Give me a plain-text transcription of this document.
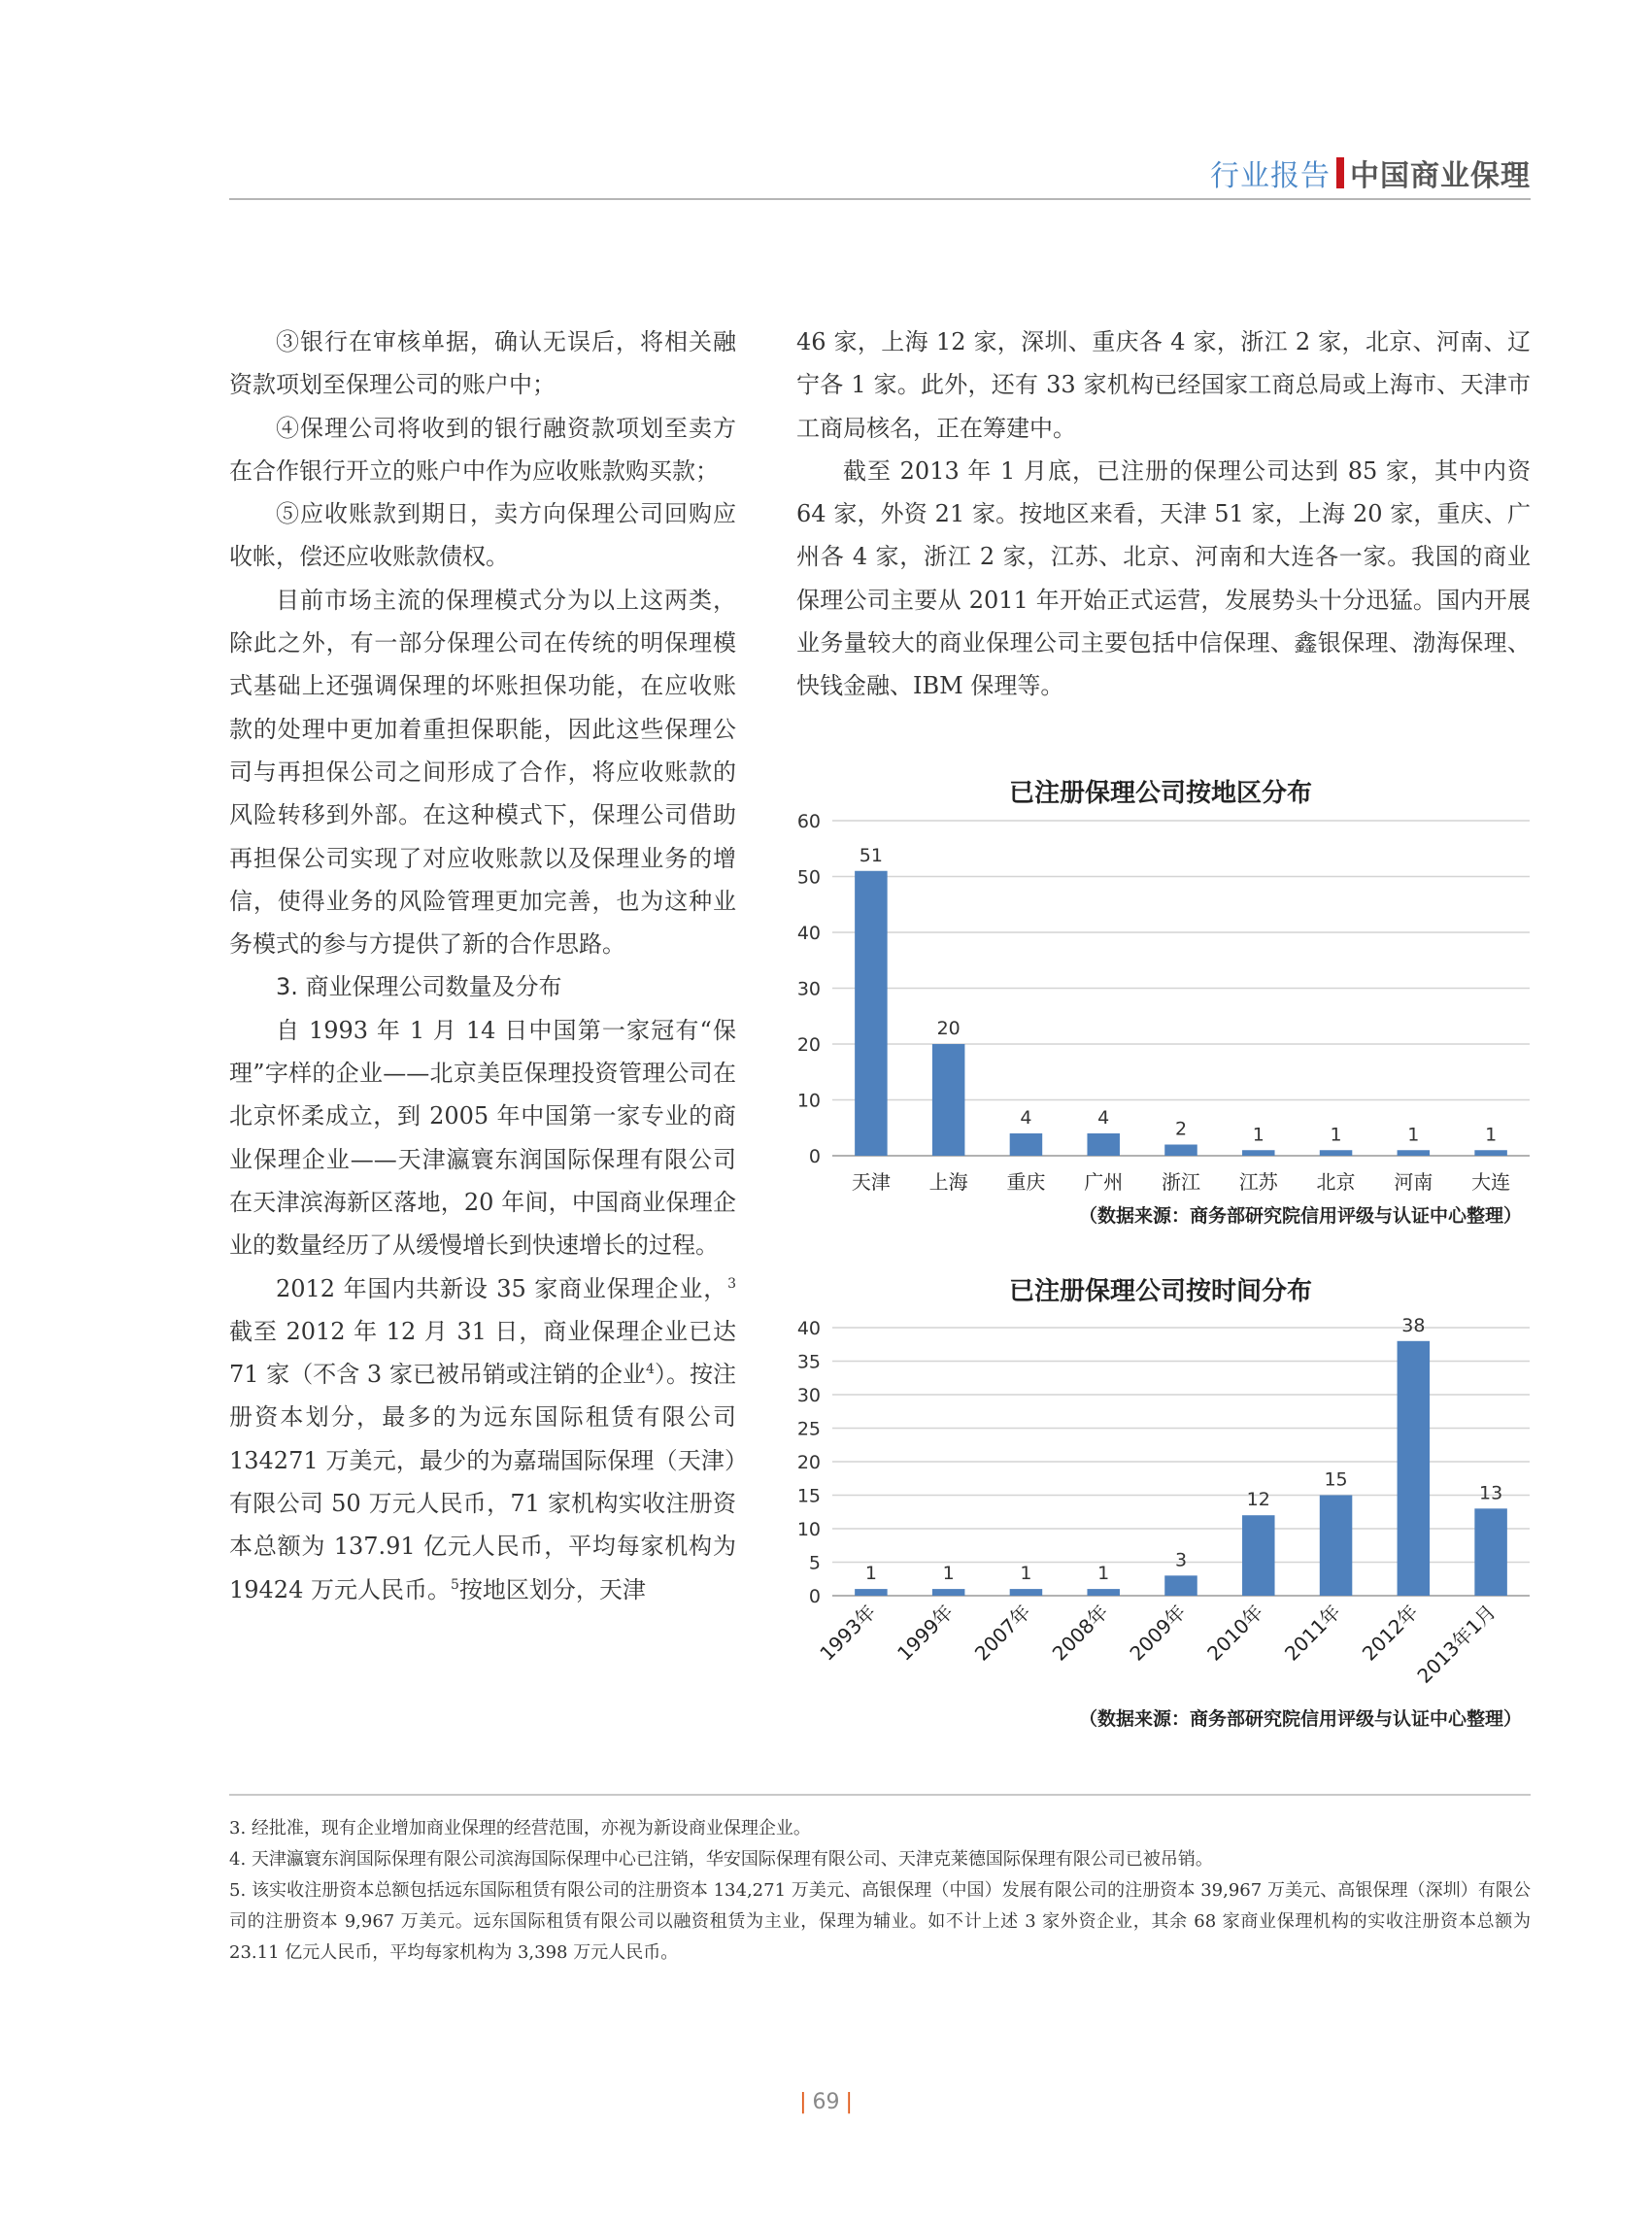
行业报告 中国商业保理

③银行在审核单据，确认无误后，将相关融资款项划至保理公司的账户中；

④保理公司将收到的银行融资款项划至卖方在合作银行开立的账户中作为应收账款购买款；

⑤应收账款到期日，卖方向保理公司回购应收帐，偿还应收账款债权。

目前市场主流的保理模式分为以上这两类，除此之外，有一部分保理公司在传统的明保理模式基础上还强调保理的坏账担保功能，在应收账款的处理中更加着重担保职能，因此这些保理公司与再担保公司之间形成了合作，将应收账款的风险转移到外部。在这种模式下，保理公司借助再担保公司实现了对应收账款以及保理业务的增信，使得业务的风险管理更加完善，也为这种业务模式的参与方提供了新的合作思路。

3. 商业保理公司数量及分布

自 1993 年 1 月 14 日中国第一家冠有“保理”字样的企业——北京美臣保理投资管理公司在北京怀柔成立，到 2005 年中国第一家专业的商业保理企业——天津瀛寰东润国际保理有限公司在天津滨海新区落地，20 年间，中国商业保理企业的数量经历了从缓慢增长到快速增长的过程。

2012 年国内共新设 35 家商业保理企业，$^3$截至 2012 年 12 月 31 日，商业保理企业已达 71 家（不含 3 家已被吊销或注销的企业$^4$）。按注册资本划分，最多的为远东国际租赁有限公司 134271 万美元，最少的为嘉瑞国际保理（天津）有限公司 50 万元人民币，71 家机构实收注册资本总额为 137.91 亿元人民币，平均每家机构为 19424 万元人民币。$^5$按地区划分，天津

46 家，上海 12 家，深圳、重庆各 4 家，浙江 2 家，北京、河南、辽宁各 1 家。此外，还有 33 家机构已经国家工商总局或上海市、天津市工商局核名，正在筹建中。

截至 2013 年 1 月底，已注册的保理公司达到 85 家，其中内资 64 家，外资 21 家。按地区来看，天津 51 家，上海 20 家，重庆、广州各 4 家，浙江 2 家，江苏、北京、河南和大连各一家。我国的商业保理公司主要从 2011 年开始正式运营，发展势头十分迅猛。国内开展业务量较大的商业保理公司主要包括中信保理、鑫银保理、渤海保理、快钱金融、IBM 保理等。

已注册保理公司按地区分布
0
10
20
30
40
50
60
51
天津
20
上海
4
重庆
4
广州
2
浙江
1
江苏
1
北京
1
河南
1
大连
（数据来源：商务部研究院信用评级与认证中心整理）
已注册保理公司按时间分布
0
5
10
15
20
25
30
35
40
1
1993年
1
1999年
1
2007年
1
2008年
3
2009年
12
2010年
15
2011年
38
2012年
13
2013年1月
（数据来源：商务部研究院信用评级与认证中心整理）

3. 经批准，现有企业增加商业保理的经营范围，亦视为新设商业保理企业。

4. 天津瀛寰东润国际保理有限公司滨海国际保理中心已注销，华安国际保理有限公司、天津克莱德国际保理有限公司已被吊销。

5. 该实收注册资本总额包括远东国际租赁有限公司的注册资本 134,271 万美元、高银保理（中国）发展有限公司的注册资本 39,967 万美元、高银保理（深圳）有限公司的注册资本 9,967 万美元。远东国际租赁有限公司以融资租赁为主业，保理为辅业。如不计上述 3 家外资企业，其余 68 家商业保理机构的实收注册资本总额为 23.11 亿元人民币，平均每家机构为 3,398 万元人民币。

| 69 |
